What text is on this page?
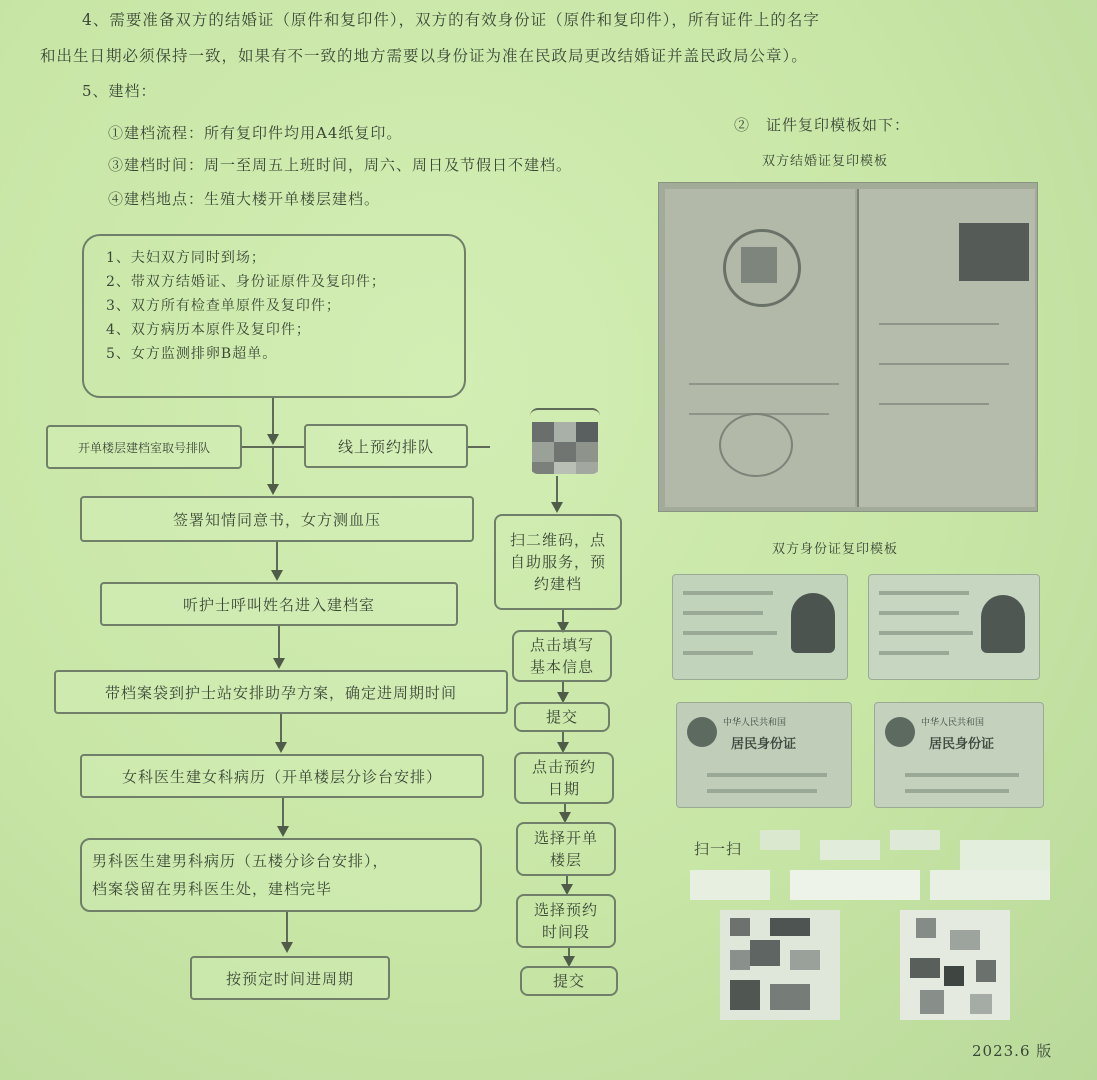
4、需要准备双方的结婚证（原件和复印件），双方的有效身份证（原件和复印件），所有证件上的名字
和出生日期必须保持一致，如果有不一致的地方需要以身份证为准在民政局更改结婚证并盖民政局公章）。
5、建档：
①建档流程：所有复印件均用A4纸复印。
③建档时间：周一至周五上班时间，周六、周日及节假日不建档。
④建档地点：生殖大楼开单楼层建档。
1、夫妇双方同时到场；
2、带双方结婚证、身份证原件及复印件；
3、双方所有检查单原件及复印件；
4、双方病历本原件及复印件；
5、女方监测排卵B超单。
开单楼层建档室取号排队	线上预约排队
签署知情同意书，女方测血压
听护士呼叫姓名进入建档室
带档案袋到护士站安排助孕方案，确定进周期时间
女科医生建女科病历（开单楼层分诊台安排）
男科医生建男科病历（五楼分诊台安排），
档案袋留在男科医生处，建档完毕
按预定时间进周期
扫二维码，点自助服务，预约建档
点击填写基本信息
提交
点击预约日期
选择开单楼层
选择预约时间段
提交
②　证件复印模板如下：
双方结婚证复印模板
双方身份证复印模板
中华人民共和国
居民身份证
中华人民共和国
居民身份证
扫一扫
2023.6 版
